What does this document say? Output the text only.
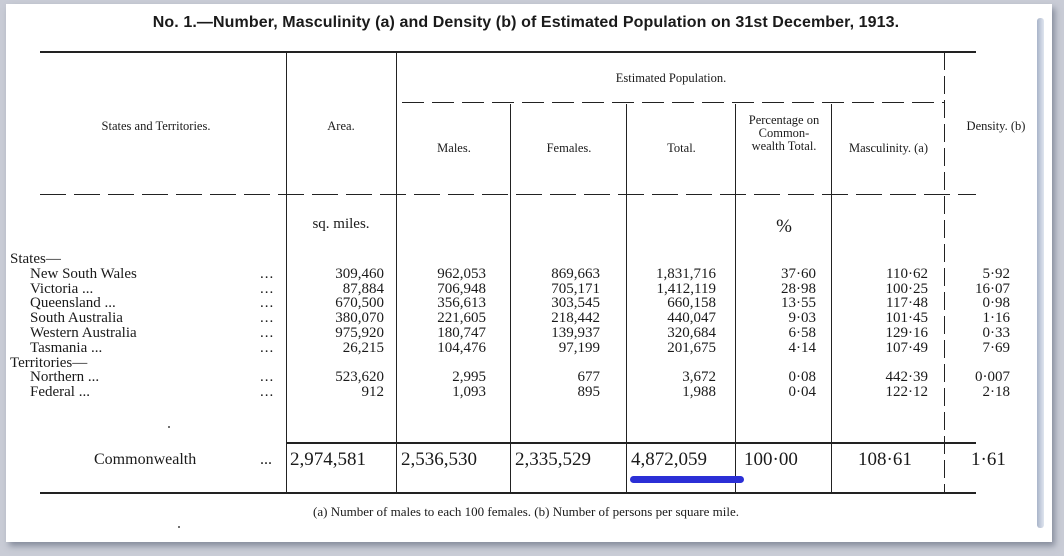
No. 1.—Number, Masculinity (a) and Density (b) of Estimated Population on 31st December, 1913.
States and Territories.	Area.
Estimated Population.
Males.	Females.	Total.
Percentage on Common- wealth Total.	Masculinity. (a)
Density. (b)
sq. miles.	%
States—
New South Wales	...	309,460	962,053	869,663	1,831,716	37·60	110·62	5·92
Victoria ...	...	87,884	706,948	705,171	1,412,119	28·98	100·25	16·07
Queensland ...	...	670,500	356,613	303,545	660,158	13·55	117·48	0·98
South Australia	...	380,070	221,605	218,442	440,047	9·03	101·45	1·16
Western Australia	...	975,920	180,747	139,937	320,684	6·58	129·16	0·33
Tasmania ...	...	26,215	104,476	97,199	201,675	4·14	107·49	7·69
Territories—
Northern ...	...	523,620	2,995	677	3,672	0·08	442·39	0·007
Federal ...	...	912	1,093	895	1,988	0·04	122·12	2·18
Commonwealth	... 2,974,581 2,536,530 2,335,529 4,872,059 100·00	108·61	1·61
(a) Number of males to each 100 females. (b) Number of persons per square mile.
